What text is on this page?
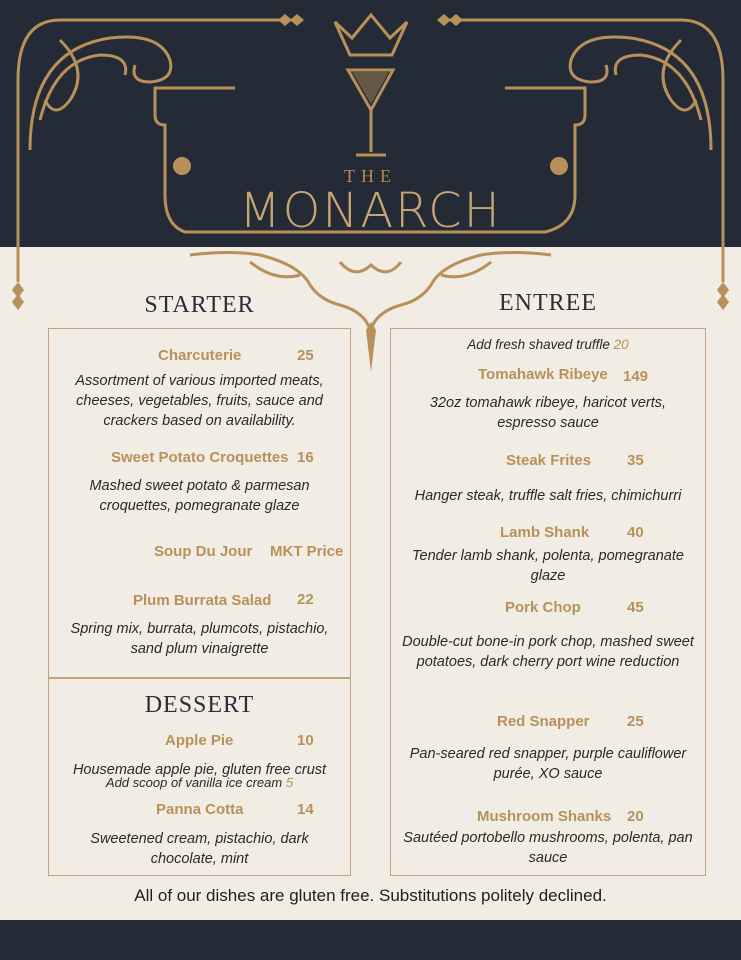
THE
MONARCH
STARTER
Charcuterie	25
Assortment of various imported meats, cheeses, vegetables, fruits, sauce and crackers based on availability.
Sweet Potato Croquettes 16
Mashed sweet potato & parmesan croquettes, pomegranate glaze
Soup Du Jour MKT Price
Plum Burrata Salad 22
Spring mix, burrata, plumcots, pistachio, sand plum vinaigrette
DESSERT
Apple Pie	10
Housemade apple pie, gluten free crust
Add scoop of vanilla ice cream 5
Panna Cotta	14
Sweetened cream, pistachio, dark chocolate, mint
ENTREE
Add fresh shaved truffle 20
Tomahawk Ribeye 149
32oz tomahawk ribeye, haricot verts, espresso sauce
Steak Frites 35
Hanger steak, truffle salt fries, chimichurri
Lamb Shank	40
Tender lamb shank, polenta, pomegranate glaze
Pork Chop	45
Double-cut bone-in pork chop, mashed sweet potatoes, dark cherry port wine reduction
Red Snapper 25
Pan-seared red snapper, purple cauliflower purée, XO sauce
Mushroom Shanks 20
Sautéed portobello mushrooms, polenta, pan sauce
All of our dishes are gluten free. Substitutions politely declined.
